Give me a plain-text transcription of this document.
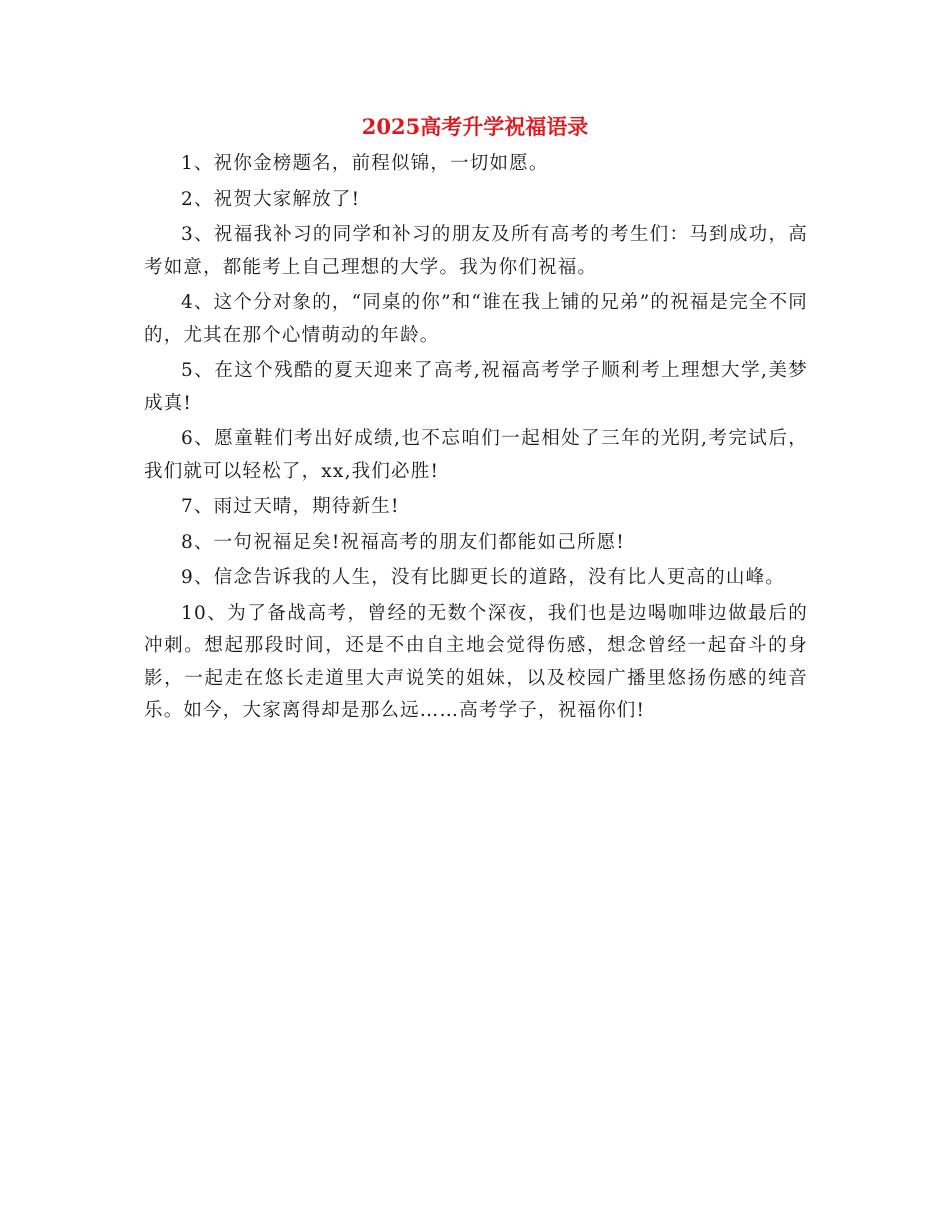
2025高考升学祝福语录

1、祝你金榜题名，前程似锦，一切如愿。

2、祝贺大家解放了!

3、祝福我补习的同学和补习的朋友及所有高考的考生们：马到成功，高考如意，都能考上自己理想的大学。我为你们祝福。

4、这个分对象的，“同桌的你”和“谁在我上铺的兄弟”的祝福是完全不同的，尤其在那个心情萌动的年龄。

5、在这个残酷的夏天迎来了高考,祝福高考学子顺利考上理想大学,美梦成真!

6、愿童鞋们考出好成绩,也不忘咱们一起相处了三年的光阴,考完试后，我们就可以轻松了，xx,我们必胜!

7、雨过天晴，期待新生!

8、一句祝福足矣!祝福高考的朋友们都能如己所愿!

9、信念告诉我的人生，没有比脚更长的道路，没有比人更高的山峰。

10、为了备战高考，曾经的无数个深夜，我们也是边喝咖啡边做最后的冲刺。想起那段时间，还是不由自主地会觉得伤感，想念曾经一起奋斗的身影，一起走在悠长走道里大声说笑的姐妹，以及校园广播里悠扬伤感的纯音乐。如今，大家离得却是那么远……高考学子，祝福你们!
